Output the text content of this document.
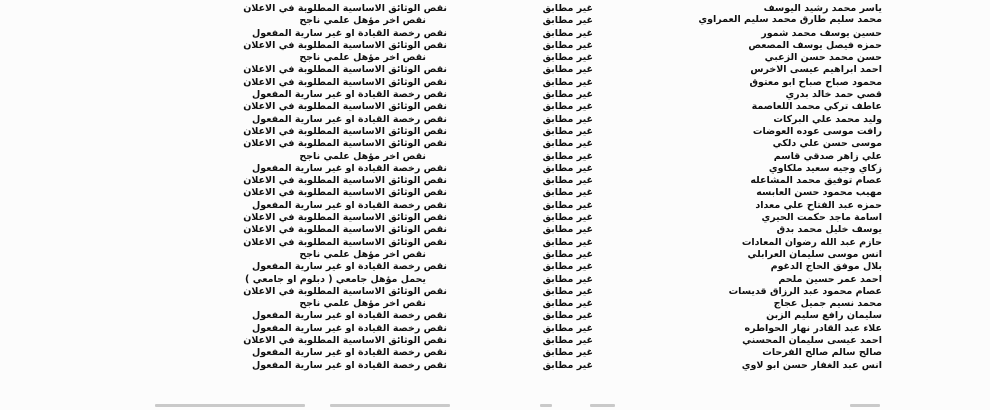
ياسر محمد رشيد اليوسف
غير مطابق
نقص الوثائق الاساسية المطلوبة في الاعلان
محمد سليم طارق محمد سليم العمراوي
غير مطابق
نقص اخر مؤهل علمي ناجح
حسين يوسف محمد شمور
غير مطابق
نقص رخصة القيادة او غير سارية المفعول
حمزه فيصل يوسف المصعص
غير مطابق
نقص الوثائق الاساسية المطلوبة في الاعلان
حسن محمد حسن الزعبي
غير مطابق
نقص اخر مؤهل علمي ناجح
احمد ابراهيم عيسى الاخرس
غير مطابق
نقص الوثائق الاساسية المطلوبة في الاعلان
محمود صباح صباح ابو معتوق
غير مطابق
نقص الوثائق الاساسية المطلوبة في الاعلان
قصي حمد خالد بدري
غير مطابق
نقص رخصة القيادة او غير سارية المفعول
عاطف تركي محمد اللعاصمة
غير مطابق
نقص الوثائق الاساسية المطلوبة في الاعلان
وليد محمد علي البركات
غير مطابق
نقص رخصة القيادة او غير سارية المفعول
رافت موسى عوده العوضات
غير مطابق
نقص الوثائق الاساسية المطلوبة في الاعلان
موسى حسن علي دلكي
غير مطابق
نقص الوثائق الاساسية المطلوبة في الاعلان
علي زاهر صدقي قاسم
غير مطابق
نقص اخر مؤهل علمي ناجح
زكاي وجيه سعيد ملكاوي
غير مطابق
نقص رخصة القيادة او غير سارية المفعول
عصام توفيق محمد المشاعله
غير مطابق
نقص الوثائق الاساسية المطلوبة في الاعلان
مهيب محمود حسن العابسه
غير مطابق
نقص الوثائق الاساسية المطلوبة في الاعلان
حمزه عبد الفتاح علي معداد
غير مطابق
نقص رخصة القيادة او غير سارية المفعول
اسامة ماجد حكمت الحيري
غير مطابق
نقص الوثائق الاساسية المطلوبة في الاعلان
يوسف خليل محمد بدق
غير مطابق
نقص الوثائق الاساسية المطلوبة في الاعلان
حازم عبد الله رضوان المعادات
غير مطابق
نقص الوثائق الاساسية المطلوبة في الاعلان
انس موسى سليمان العرابلي
غير مطابق
نقص اخر مؤهل علمي ناجح
بلال موفق الحاج الدغوم
غير مطابق
نقص رخصة القيادة او غير سارية المفعول
احمد عمر حسين ملحم
غير مطابق
يحمل مؤهل جامعي ( دبلوم او جامعي )
عصام محمود عبد الرزاق قديسات
غير مطابق
نقص الوثائق الاساسية المطلوبة في الاعلان
محمد نسيم جميل عجاج
غير مطابق
نقص اخر مؤهل علمي ناجح
سليمان رافع سليم الزبن
غير مطابق
نقص رخصة القيادة او غير سارية المفعول
علاء عبد القادر نهار الحواطره
غير مطابق
نقص رخصة القيادة او غير سارية المفعول
احمد عيسى سليمان المحسني
غير مطابق
نقص الوثائق الاساسية المطلوبة في الاعلان
صالح سالم صالح الفرحات
غير مطابق
نقص رخصة القيادة او غير سارية المفعول
انس عبد الغفار حسن ابو لاوي
غير مطابق
نقص رخصة القيادة او غير سارية المفعول
